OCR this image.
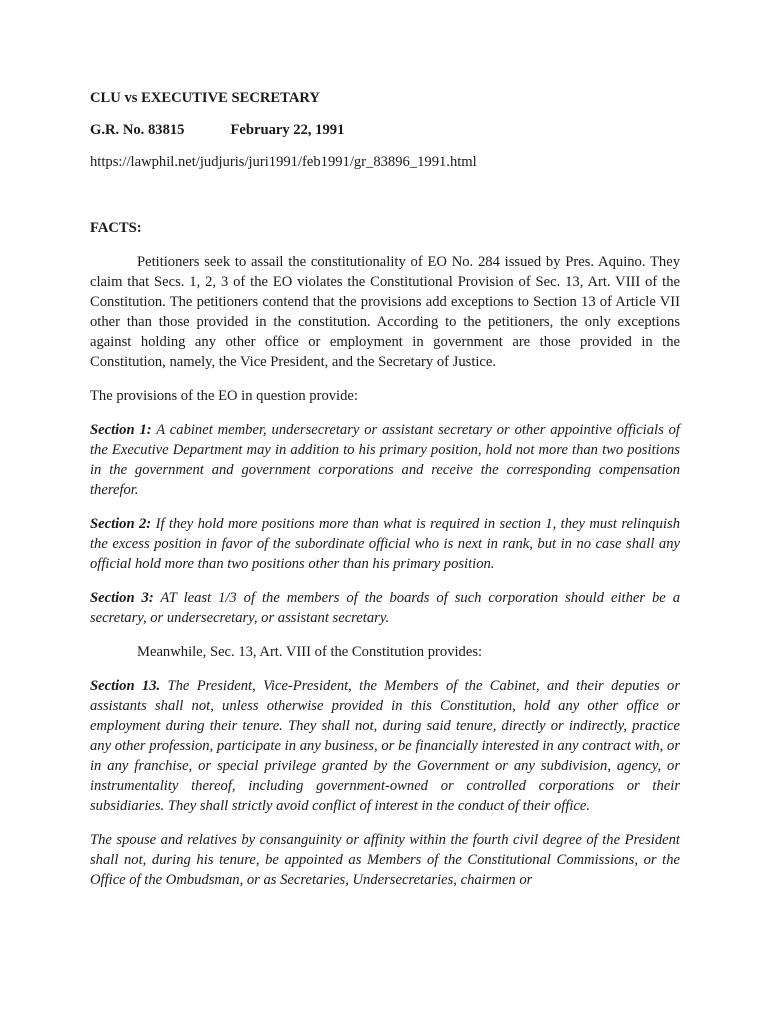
CLU vs EXECUTIVE SECRETARY
G.R. No. 83815	February 22, 1991
https://lawphil.net/judjuris/juri1991/feb1991/gr_83896_1991.html
FACTS:

Petitioners seek to assail the constitutionality of EO No. 284 issued by Pres. Aquino. They claim that Secs. 1, 2, 3 of the EO violates the Constitutional Provision of Sec. 13, Art. VIII of the Constitution. The petitioners contend that the provisions add exceptions to Section 13 of Article VII other than those provided in the constitution. According to the petitioners, the only exceptions against holding any other office or employment in government are those provided in the Constitution, namely, the Vice President, and the Secretary of Justice.

The provisions of the EO in question provide:

Section 1: A cabinet member, undersecretary or assistant secretary or other appointive officials of the Executive Department may in addition to his primary position, hold not more than two positions in the government and government corporations and receive the corresponding compensation therefor.

Section 2: If they hold more positions more than what is required in section 1, they must relinquish the excess position in favor of the subordinate official who is next in rank, but in no case shall any official hold more than two positions other than his primary position.

Section 3: AT least 1/3 of the members of the boards of such corporation should either be a secretary, or undersecretary, or assistant secretary.

Meanwhile, Sec. 13, Art. VIII of the Constitution provides:

Section 13. The President, Vice-President, the Members of the Cabinet, and their deputies or assistants shall not, unless otherwise provided in this Constitution, hold any other office or employment during their tenure. They shall not, during said tenure, directly or indirectly, practice any other profession, participate in any business, or be financially interested in any contract with, or in any franchise, or special privilege granted by the Government or any subdivision, agency, or instrumentality thereof, including government-owned or controlled corporations or their subsidiaries. They shall strictly avoid conflict of interest in the conduct of their office.

The spouse and relatives by consanguinity or affinity within the fourth civil degree of the President shall not, during his tenure, be appointed as Members of the Constitutional Commissions, or the Office of the Ombudsman, or as Secretaries, Undersecretaries, chairmen or
